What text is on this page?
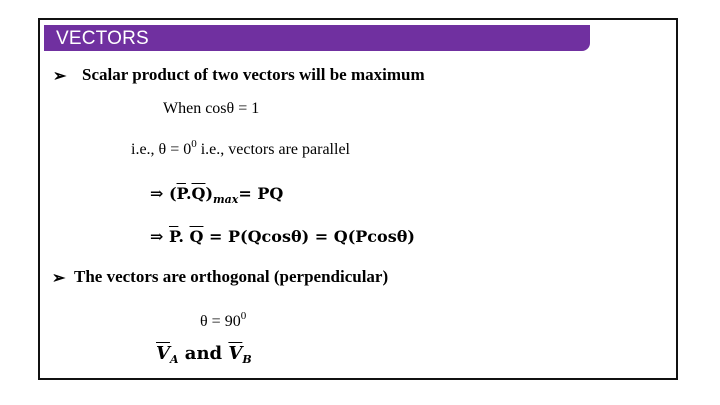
VECTORS
➢ Scalar product of two vectors will be maximum
When cosθ = 1
i.e., $\theta = 0^0$ i.e., vectors are parallel
⇒ $(\overline{P}.\overline{Q})_{max}=$ PQ
⇒ $\overline{P}$. $\overline{Q} = P(Qcos\theta) = Q(Pcos\theta)$
➢ The vectors are orthogonal (perpendicular)
$\theta = 90^0$
$\overline{V}_A$ and $\overline{V}_B$
